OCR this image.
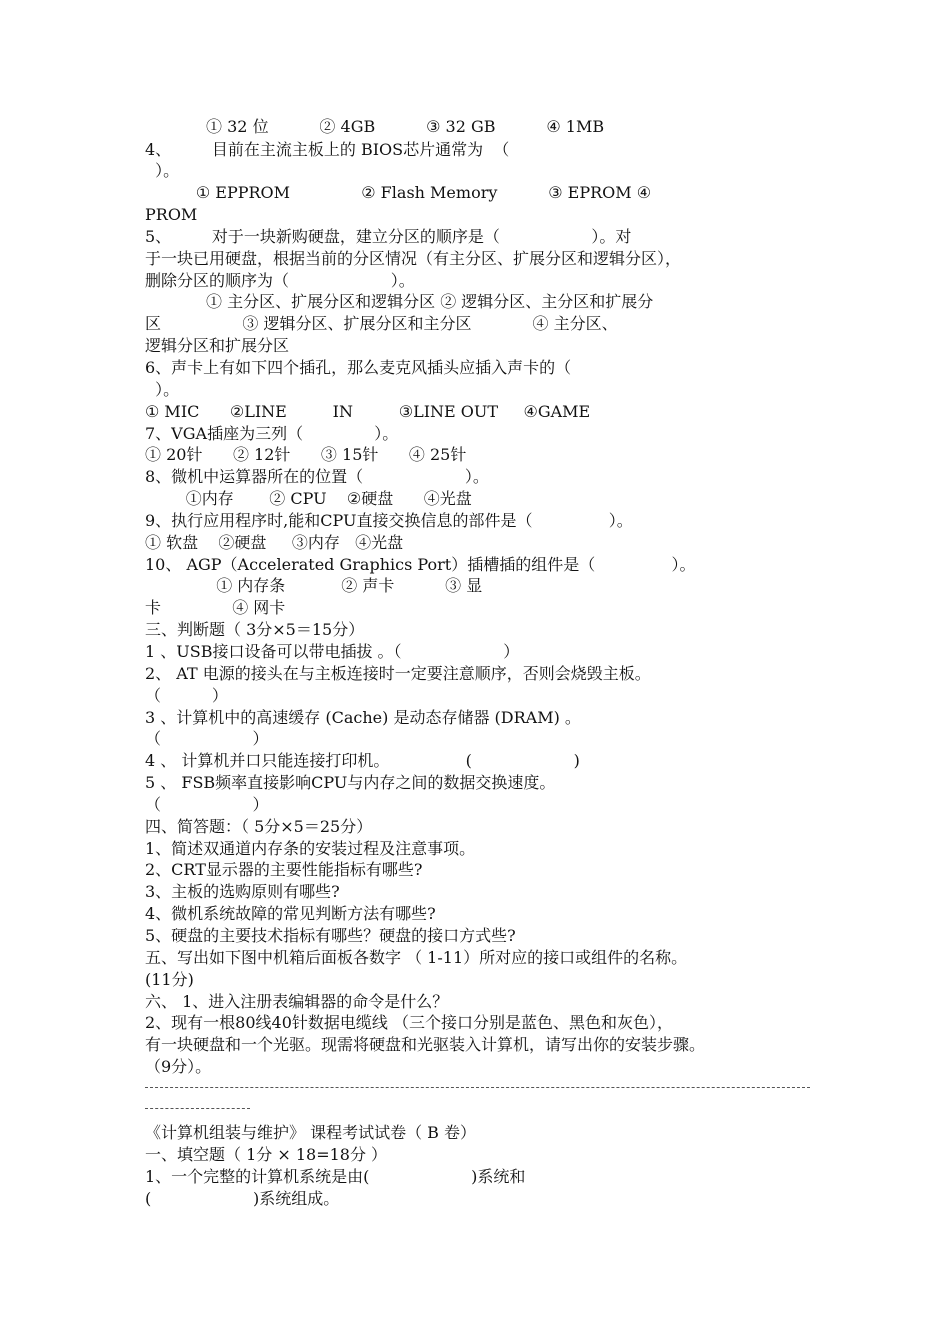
① 32 位          ② 4GB          ③ 32 GB          ④ 1MB
4、        目前在主流主板上的 BIOS芯片通常为  （
）。
① EPPROM              ② Flash Memory          ③ EPROM ④
PROM
5、        对于一块新购硬盘，建立分区的顺序是（                  ）。对
于一块已用硬盘，根据当前的分区情况（有主分区、扩展分区和逻辑分区），
删除分区的顺序为（                    ）。
① 主分区、扩展分区和逻辑分区 ② 逻辑分区、主分区和扩展分
区                ③ 逻辑分区、扩展分区和主分区            ④ 主分区、
逻辑分区和扩展分区
6、声卡上有如下四个插孔，那么麦克风插头应插入声卡的（
）。
① MIC      ②LINE         IN         ③LINE OUT     ④GAME
7、VGA插座为三列（              ）。
① 20针      ② 12针      ③ 15针      ④ 25针
8、微机中运算器所在的位置（                    ）。
①内存       ② CPU    ②硬盘      ④光盘
9、执行应用程序时,能和CPU直接交换信息的部件是（               ）。
① 软盘    ②硬盘     ③内存   ④光盘
10、 AGP（Accelerated Graphics Port）插槽插的组件是（               ）。
① 内存条           ② 声卡          ③ 显
卡              ④ 网卡
三、判断题（ 3分×5＝15分）
1 、USB接口设备可以带电插拔 。（                    ）
2、 AT 电源的接头在与主板连接时一定要注意顺序，否则会烧毁主板。
（          ）
3 、计算机中的高速缓存 (Cache) 是动态存储器 (DRAM) 。
（                  ）
4 、 计算机并口只能连接打印机。               (                    )
5 、 FSB频率直接影响CPU与内存之间的数据交换速度。
（                  ）
四、简答题：（ 5分×5＝25分）
1、简述双通道内存条的安装过程及注意事项。
2、CRT显示器的主要性能指标有哪些?
3、主板的选购原则有哪些?
4、微机系统故障的常见判断方法有哪些?
5、硬盘的主要技术指标有哪些？硬盘的接口方式些?
五、写出如下图中机箱后面板各数字 （ 1-11）所对应的接口或组件的名称。
(11分)
六、 1、进入注册表编辑器的命令是什么？
2、现有一根80线40针数据电缆线 （三个接口分别是蓝色、黑色和灰色），
有一块硬盘和一个光驱。现需将硬盘和光驱装入计算机，请写出你的安装步骤。
（9分）。
《计算机组装与维护》 课程考试试卷（ B 卷）
一、填空题（ 1分 × 18=18分 ）
1、一个完整的计算机系统是由(                    )系统和
(                    )系统组成。
